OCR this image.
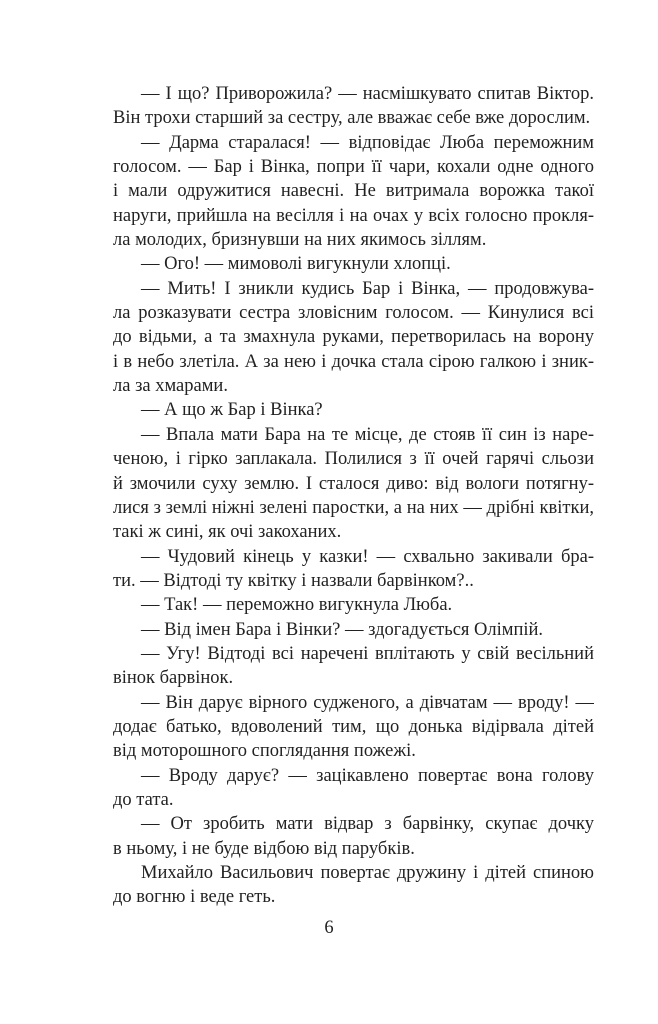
— І що? Приворожила? — насмішкувато спитав Віктор.
Він трохи старший за сестру, але вважає себе вже дорослим.
— Дарма старалася! — відповідає Люба переможним
голосом. — Бар і Вінка, попри її чари, кохали одне одного
і мали одружитися навесні. Не витримала ворожка такої
наруги, прийшла на весілля і на очах у всіх голосно прокля-
ла молодих, бризнувши на них якимось зіллям.
— Ого! — мимоволі вигукнули хлопці.
— Мить! І зникли кудись Бар і Вінка, — продовжува-
ла розказувати сестра зловісним голосом. — Кинулися всі
до відьми, а та змахнула руками, перетворилась на ворону
і в небо злетіла. А за нею і дочка стала сірою галкою і зник-
ла за хмарами.
— А що ж Бар і Вінка?
— Впала мати Бара на те місце, де стояв її син із наре-
ченою, і гірко заплакала. Полилися з її очей гарячі сльози
й змочили суху землю. І сталося диво: від вологи потягну-
лися з землі ніжні зелені паростки, а на них — дрібні квітки,
такі ж сині, як очі закоханих.
— Чудовий кінець у казки! — схвально закивали бра-
ти. — Відтоді ту квітку і назвали барвінком?..
— Так! — переможно вигукнула Люба.
— Від імен Бара і Вінки? — здогадується Олімпій.
— Угу! Відтоді всі наречені вплітають у свій весільний
вінок барвінок.
— Він дарує вірного судженого, а дівчатам — вроду! —
додає батько, вдоволений тим, що донька відірвала дітей
від моторошного споглядання пожежі.
— Вроду дарує? — зацікавлено повертає вона голову
до тата.
— От зробить мати відвар з барвінку, скупає дочку
в ньому, і не буде відбою від парубків.
Михайло Васильович повертає дружину і дітей спиною
до вогню і веде геть.
6
